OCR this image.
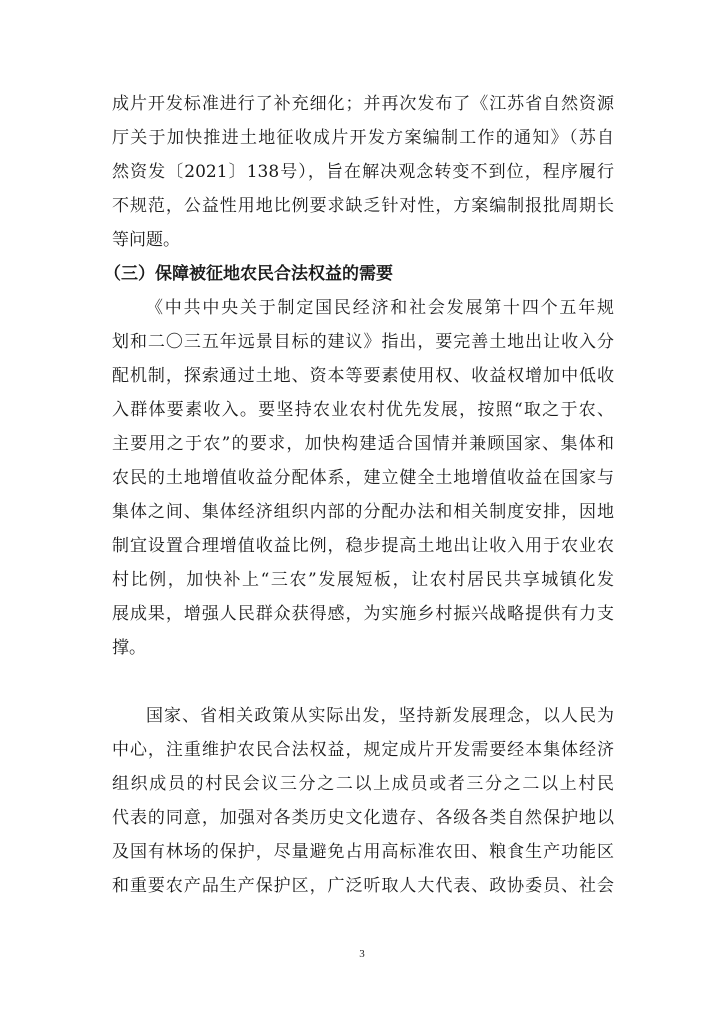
成片开发标准进行了补充细化；并再次发布了《江苏省自然资源
厅关于加快推进土地征收成片开发方案编制工作的通知》（苏自
然资发〔2021〕138号），旨在解决观念转变不到位，程序履行
不规范，公益性用地比例要求缺乏针对性，方案编制报批周期长
等问题。
（三）保障被征地农民合法权益的需要
《中共中央关于制定国民经济和社会发展第十四个五年规
划和二〇三五年远景目标的建议》指出，要完善土地出让收入分
配机制，探索通过土地、资本等要素使用权、收益权增加中低收
入群体要素收入。要坚持农业农村优先发展，按照“取之于农、
主要用之于农”的要求，加快构建适合国情并兼顾国家、集体和
农民的土地增值收益分配体系，建立健全土地增值收益在国家与
集体之间、集体经济组织内部的分配办法和相关制度安排，因地
制宜设置合理增值收益比例，稳步提高土地出让收入用于农业农
村比例，加快补上“三农”发展短板，让农村居民共享城镇化发
展成果，增强人民群众获得感，为实施乡村振兴战略提供有力支
撑。
国家、省相关政策从实际出发，坚持新发展理念，以人民为
中心，注重维护农民合法权益，规定成片开发需要经本集体经济
组织成员的村民会议三分之二以上成员或者三分之二以上村民
代表的同意，加强对各类历史文化遗存、各级各类自然保护地以
及国有林场的保护，尽量避免占用高标准农田、粮食生产功能区
和重要农产品生产保护区，广泛听取人大代表、政协委员、社会
3
